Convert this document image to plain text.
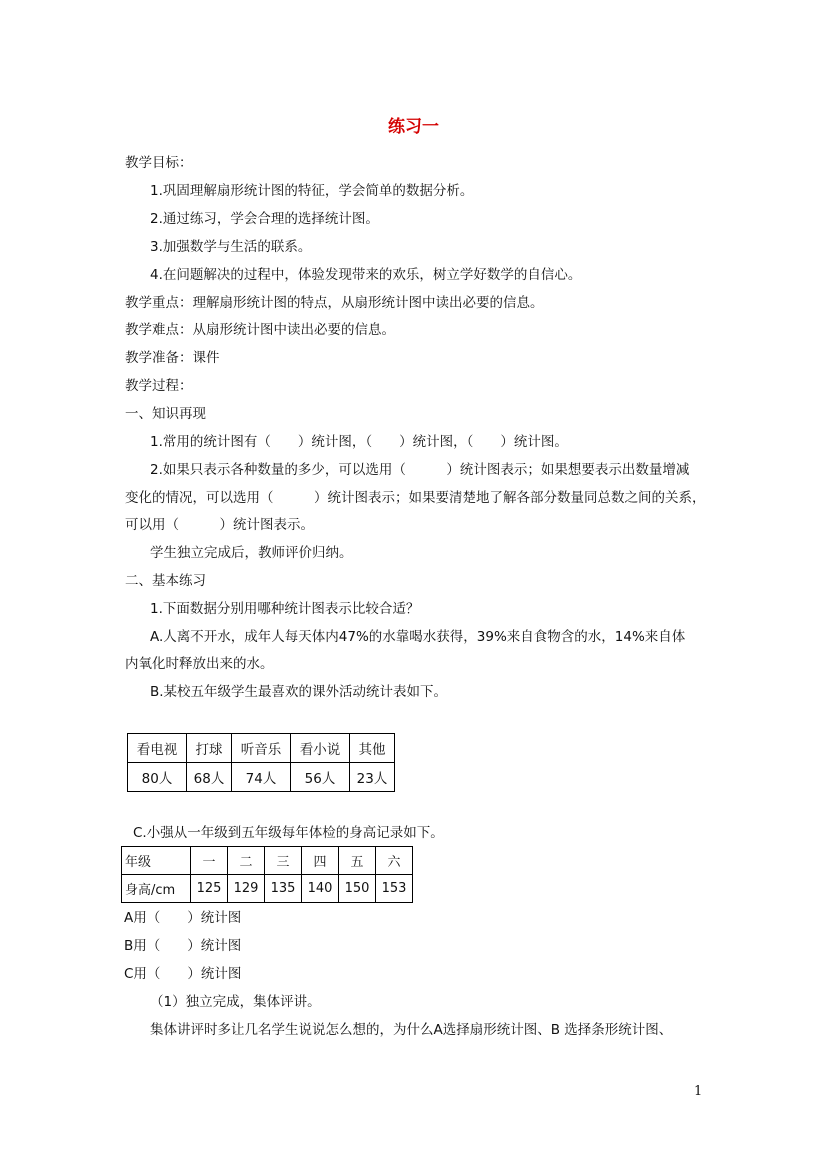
练习一
教学目标：
1.巩固理解扇形统计图的特征，学会简单的数据分析。
2.通过练习，学会合理的选择统计图。
3.加强数学与生活的联系。
4.在问题解决的过程中，体验发现带来的欢乐，树立学好数学的自信心。
教学重点：理解扇形统计图的特点，从扇形统计图中读出必要的信息。
教学难点：从扇形统计图中读出必要的信息。
教学准备：课件
教学过程：
一、知识再现
1.常用的统计图有（　　）统计图，（　　）统计图，（　　）统计图。
2.如果只表示各种数量的多少，可以选用（　　　）统计图表示；如果想要表示出数量增减
变化的情况，可以选用（　　　）统计图表示；如果要清楚地了解各部分数量同总数之间的关系，
可以用（　　　）统计图表示。
学生独立完成后，教师评价归纳。
二、基本练习
1.下面数据分别用哪种统计图表示比较合适？
A.人离不开水，成年人每天体内47%的水靠喝水获得，39%来自食物含的水，14%来自体
内氧化时释放出来的水。
B.某校五年级学生最喜欢的课外活动统计表如下。
看电视	打球	听音乐	看小说	其他
80人	68人	74人	56人	23人
C.小强从一年级到五年级每年体检的身高记录如下。
年级	一	二	三	四	五	六
身高/cm	125	129	135	140	150	153
A用（　　）统计图
B用（　　）统计图
C用（　　）统计图
（1）独立完成，集体评讲。
集体讲评时多让几名学生说说怎么想的，为什么A选择扇形统计图、B 选择条形统计图、
1
